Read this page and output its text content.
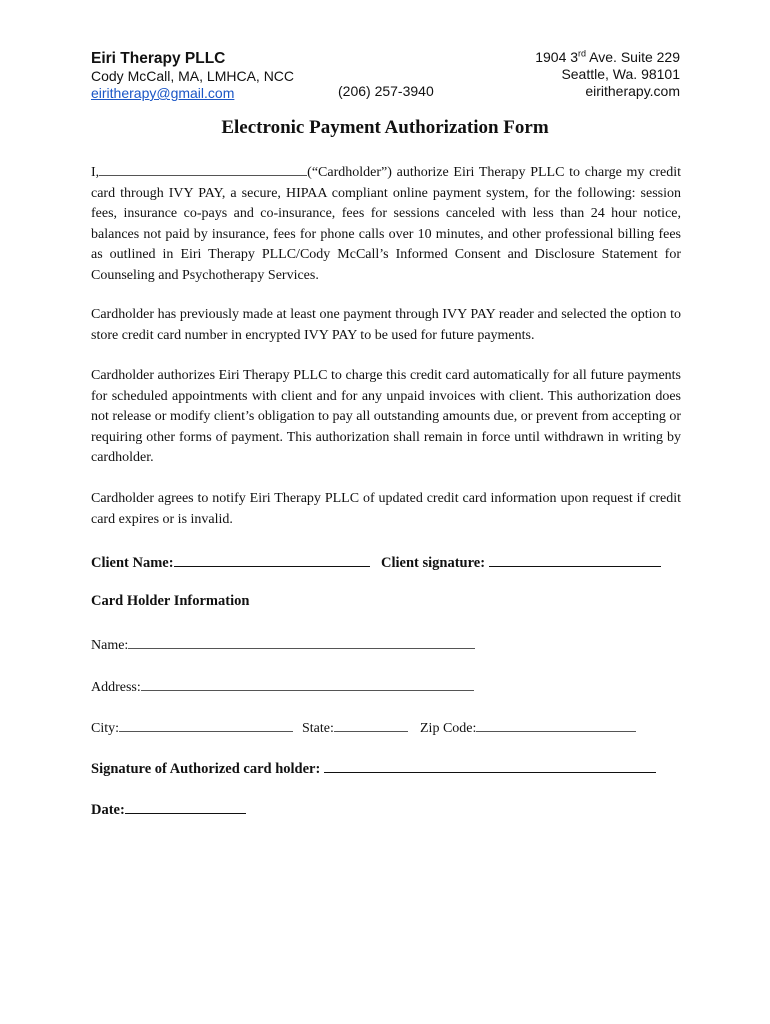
Eiri Therapy PLLC
Cody McCall, MA, LMHCA, NCC
eiritherapy@gmail.com	(206) 257-3940
1904 3rd Ave. Suite 229
Seattle, Wa. 98101
eiritherapy.com
Electronic Payment Authorization Form
I,	(“Cardholder”) authorize Eiri Therapy PLLC to charge my credit card through IVY PAY, a secure, HIPAA compliant online payment system, for the following: session fees, insurance co-pays and co-insurance, fees for sessions canceled with less than 24 hour notice, balances not paid by insurance, fees for phone calls over 10 minutes, and other professional billing fees as outlined in Eiri Therapy PLLC/Cody McCall’s Informed Consent and Disclosure Statement for Counseling and Psychotherapy Services.
Cardholder has previously made at least one payment through IVY PAY reader and selected the option to store credit card number in encrypted IVY PAY to be used for future payments.
Cardholder authorizes Eiri Therapy PLLC to charge this credit card automatically for all future payments for scheduled appointments with client and for any unpaid invoices with client. This authorization does not release or modify client’s obligation to pay all outstanding amounts due, or prevent from accepting or requiring other forms of payment. This authorization shall remain in force until withdrawn in writing by cardholder.
Cardholder agrees to notify Eiri Therapy PLLC of updated credit card information upon request if credit card expires or is invalid.
Client Name:	Client signature:
Card Holder Information
Name:
Address:
City:	State:	Zip Code:
Signature of Authorized card holder:
Date:
